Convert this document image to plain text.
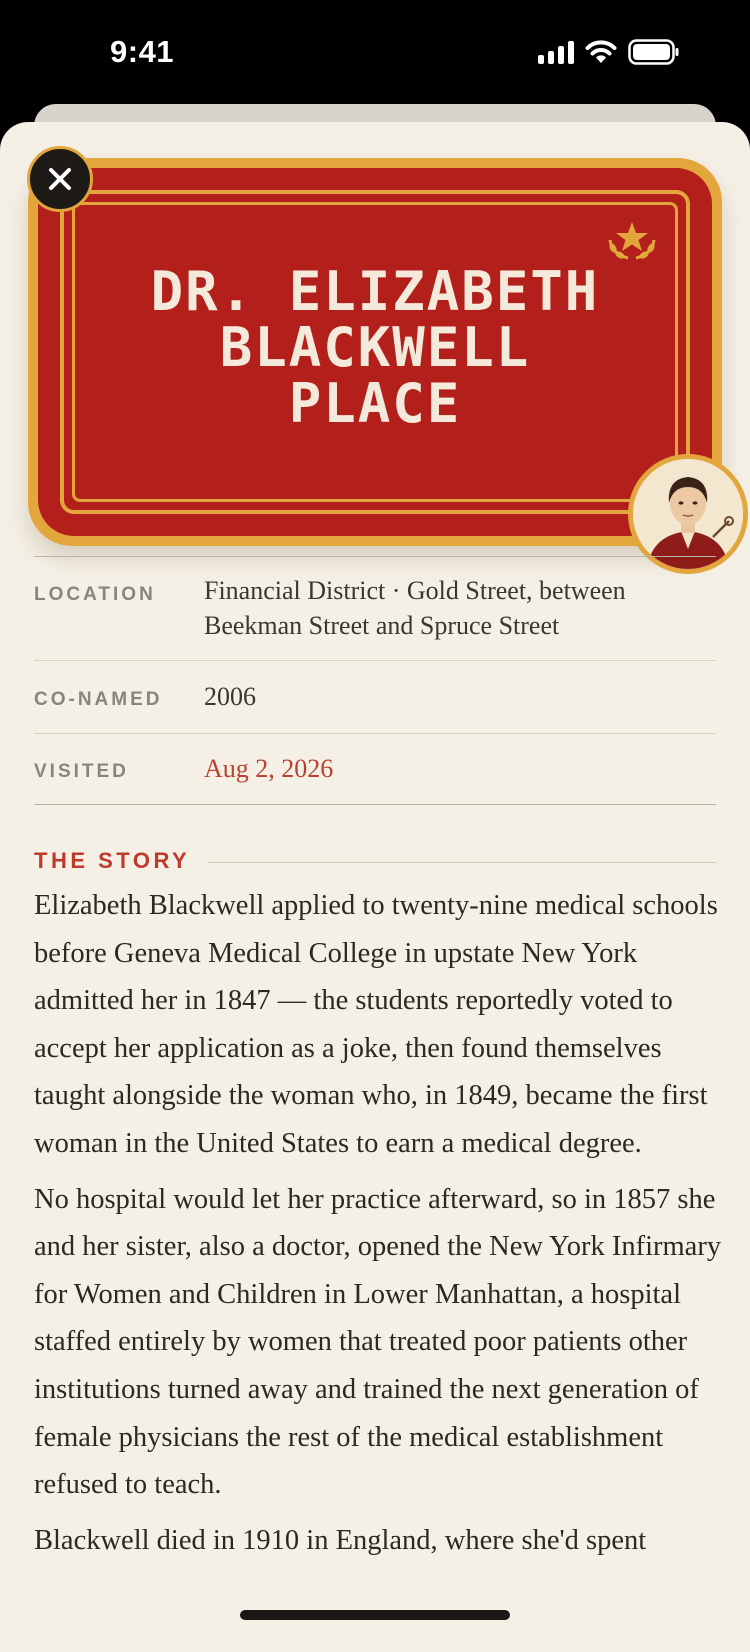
9:41
DR. ELIZABETH
BLACKWELL
PLACE
LOCATION	Financial District · Gold Street, between
Beekman Street and Spruce Street
CO-NAMED	2006
VISITED	Aug 2, 2026
THE STORY

Elizabeth Blackwell applied to twenty-nine medical schools before Geneva Medical College in upstate New York admitted her in 1847 — the students reportedly voted to accept her application as a joke, then found themselves taught alongside the woman who, in 1849, became the first woman in the United States to earn a medical degree.

No hospital would let her practice afterward, so in 1857 she and her sister, also a doctor, opened the New York Infirmary for Women and Children in Lower Manhattan, a hospital staffed entirely by women that treated poor patients other institutions turned away and trained the next generation of female physicians the rest of the medical establishment refused to teach.

Blackwell died in 1910 in England, where she'd spent
